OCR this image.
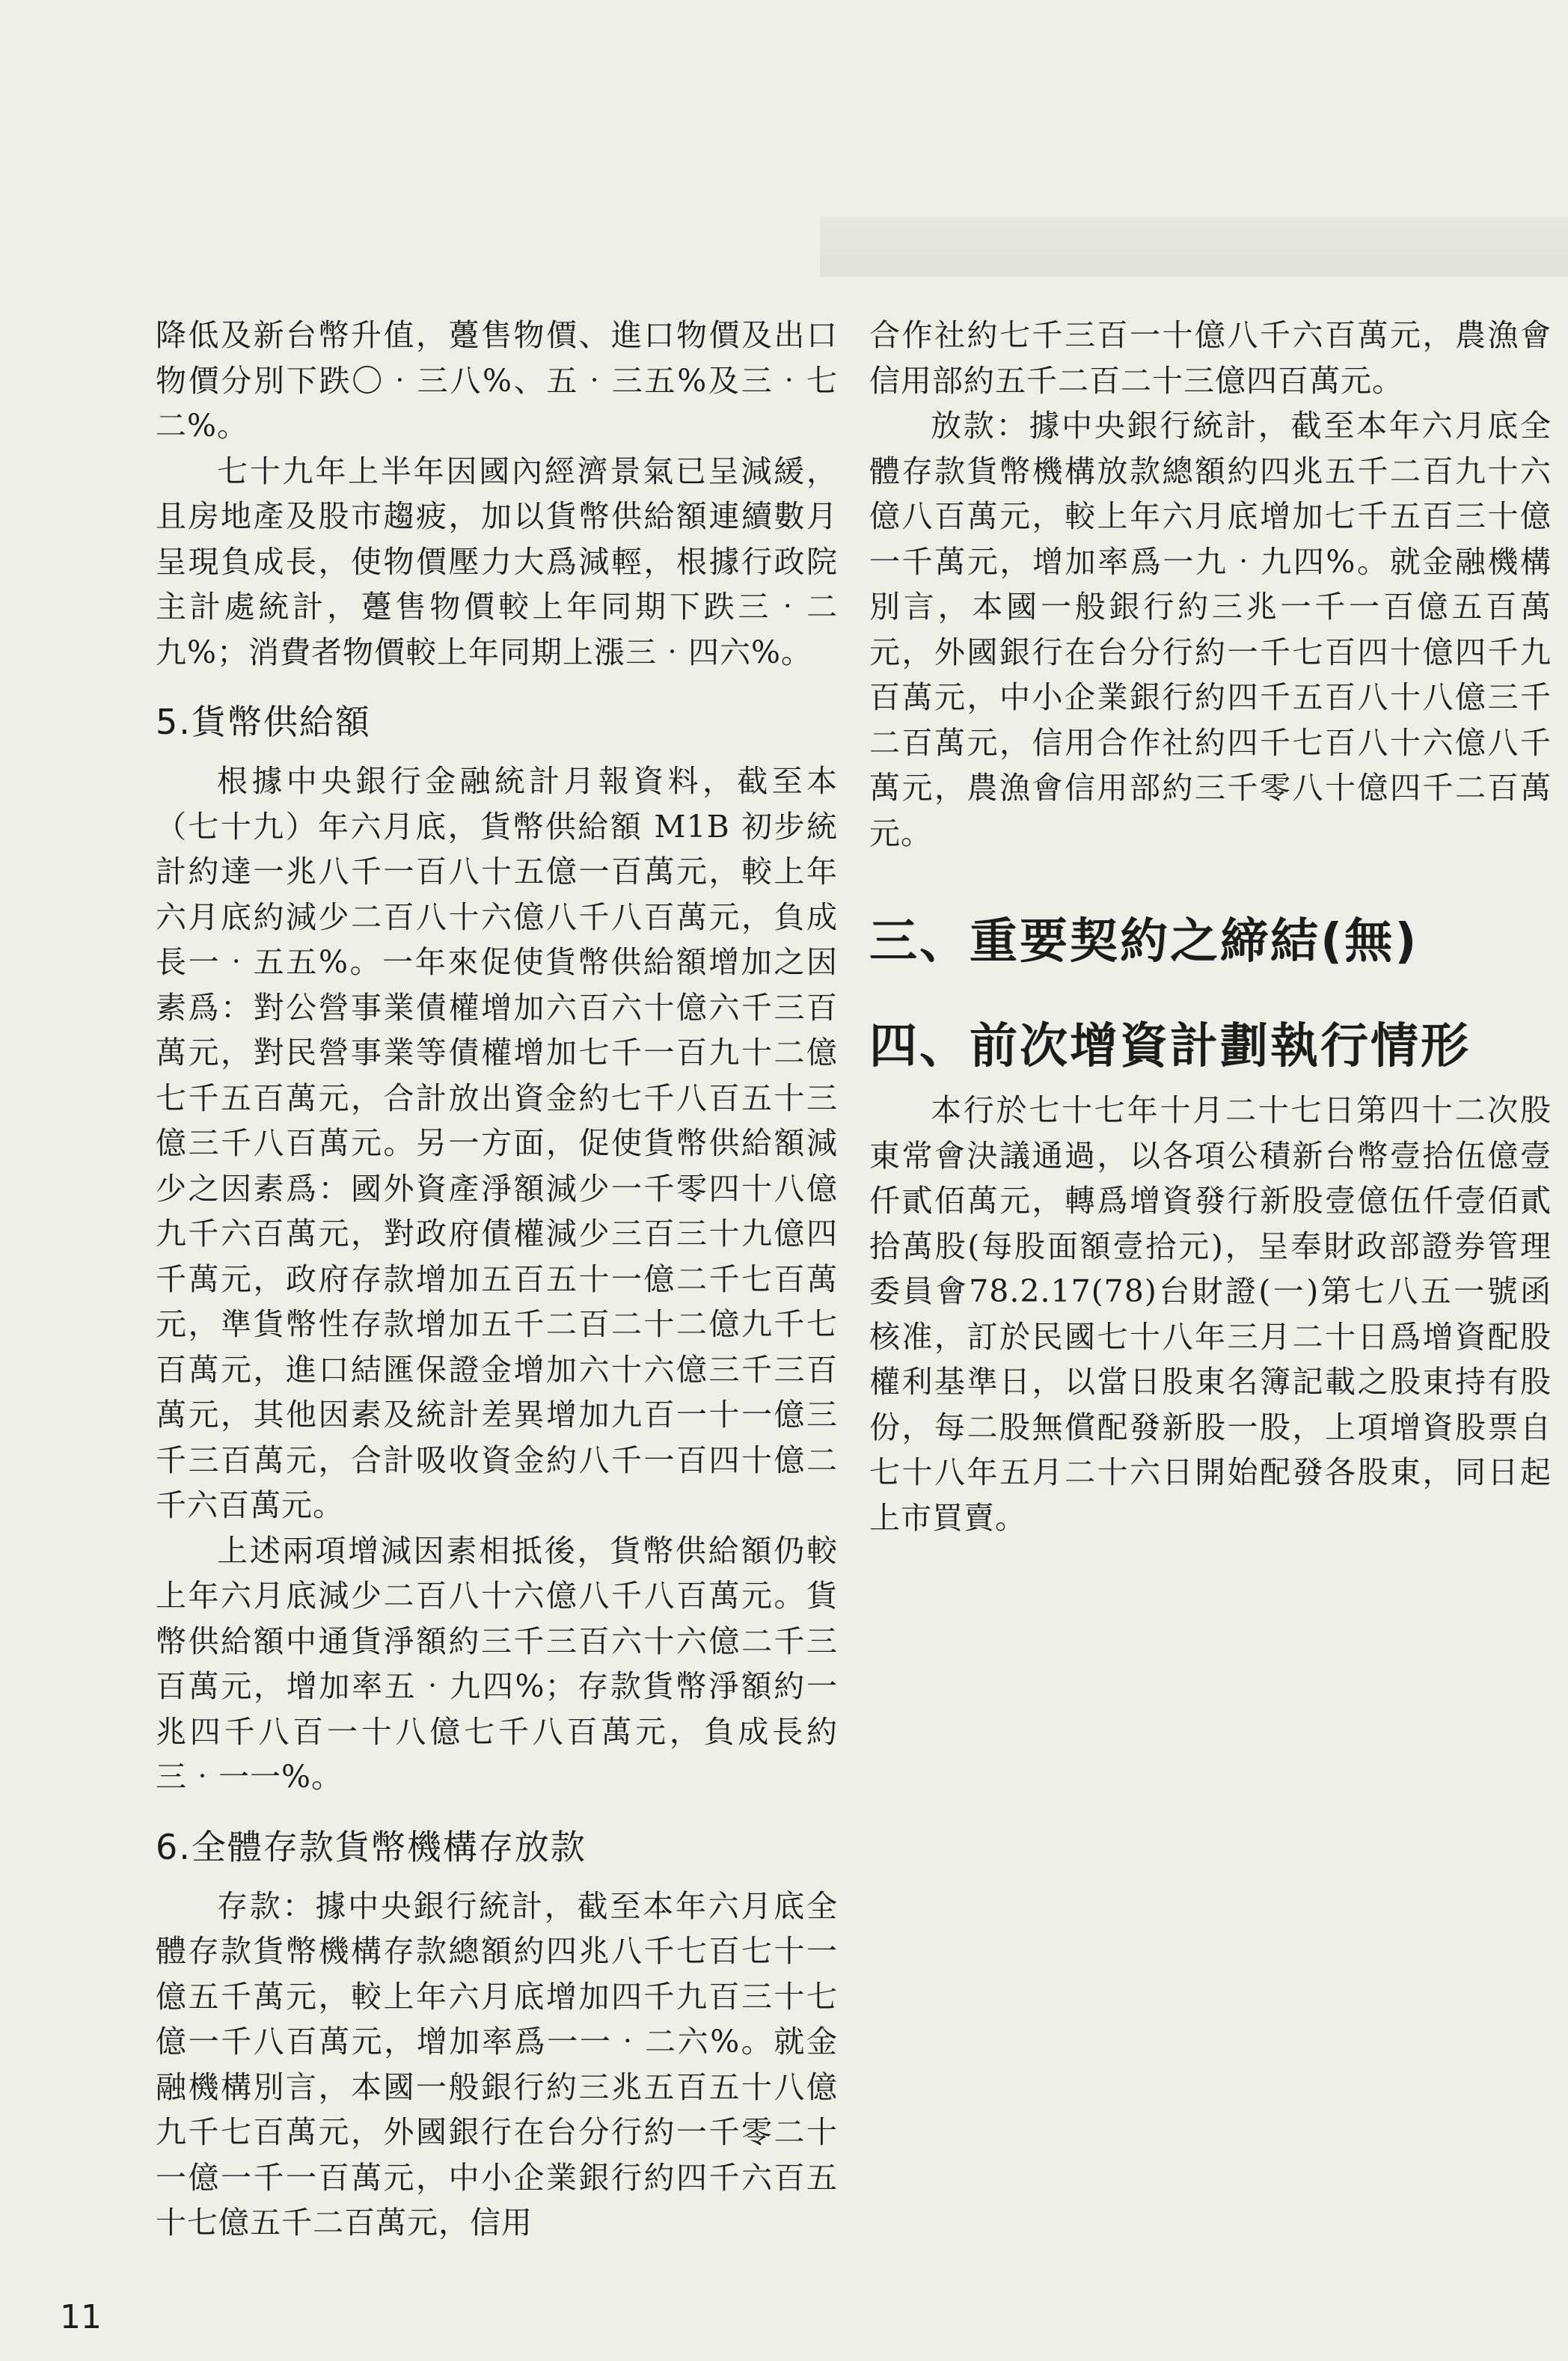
降低及新台幣升值，躉售物價、進口物價及出口物價分別下跌〇‧三八%、五‧三五%及三‧七二%。

七十九年上半年因國內經濟景氣已呈減緩，且房地產及股市趨疲，加以貨幣供給額連續數月呈現負成長，使物價壓力大爲減輕，根據行政院主計處統計，躉售物價較上年同期下跌三‧二九%；消費者物價較上年同期上漲三‧四六%。

5.貨幣供給額

根據中央銀行金融統計月報資料，截至本（七十九）年六月底，貨幣供給額 M1B 初步統計約達一兆八千一百八十五億一百萬元，較上年六月底約減少二百八十六億八千八百萬元，負成長一‧五五%。一年來促使貨幣供給額增加之因素爲：對公營事業債權增加六百六十億六千三百萬元，對民營事業等債權增加七千一百九十二億七千五百萬元，合計放出資金約七千八百五十三億三千八百萬元。另一方面，促使貨幣供給額減少之因素爲：國外資產淨額減少一千零四十八億九千六百萬元，對政府債權減少三百三十九億四千萬元，政府存款增加五百五十一億二千七百萬元，準貨幣性存款增加五千二百二十二億九千七百萬元，進口結匯保證金增加六十六億三千三百萬元，其他因素及統計差異增加九百一十一億三千三百萬元，合計吸收資金約八千一百四十億二千六百萬元。

上述兩項增減因素相抵後，貨幣供給額仍較上年六月底減少二百八十六億八千八百萬元。貨幣供給額中通貨淨額約三千三百六十六億二千三百萬元，增加率五‧九四%；存款貨幣淨額約一兆四千八百一十八億七千八百萬元，負成長約三‧一一%。

6.全體存款貨幣機構存放款

存款：據中央銀行統計，截至本年六月底全體存款貨幣機構存款總額約四兆八千七百七十一億五千萬元，較上年六月底增加四千九百三十七億一千八百萬元，增加率爲一一‧二六%。就金融機構別言，本國一般銀行約三兆五百五十八億九千七百萬元，外國銀行在台分行約一千零二十一億一千一百萬元，中小企業銀行約四千六百五十七億五千二百萬元，信用

合作社約七千三百一十億八千六百萬元，農漁會信用部約五千二百二十三億四百萬元。

放款：據中央銀行統計，截至本年六月底全體存款貨幣機構放款總額約四兆五千二百九十六億八百萬元，較上年六月底增加七千五百三十億一千萬元，增加率爲一九‧九四%。就金融機構別言，本國一般銀行約三兆一千一百億五百萬元，外國銀行在台分行約一千七百四十億四千九百萬元，中小企業銀行約四千五百八十八億三千二百萬元，信用合作社約四千七百八十六億八千萬元，農漁會信用部約三千零八十億四千二百萬元。

三、重要契約之締結(無)
四、前次增資計劃執行情形

本行於七十七年十月二十七日第四十二次股東常會決議通過，以各項公積新台幣壹拾伍億壹仟貳佰萬元，轉爲增資發行新股壹億伍仟壹佰貳拾萬股(每股面額壹拾元)，呈奉財政部證券管理委員會78.2.17(78)台財證(一)第七八五一號函核准，訂於民國七十八年三月二十日爲增資配股權利基準日，以當日股東名簿記載之股東持有股份，每二股無償配發新股一股，上項增資股票自七十八年五月二十六日開始配發各股東，同日起上市買賣。

11
